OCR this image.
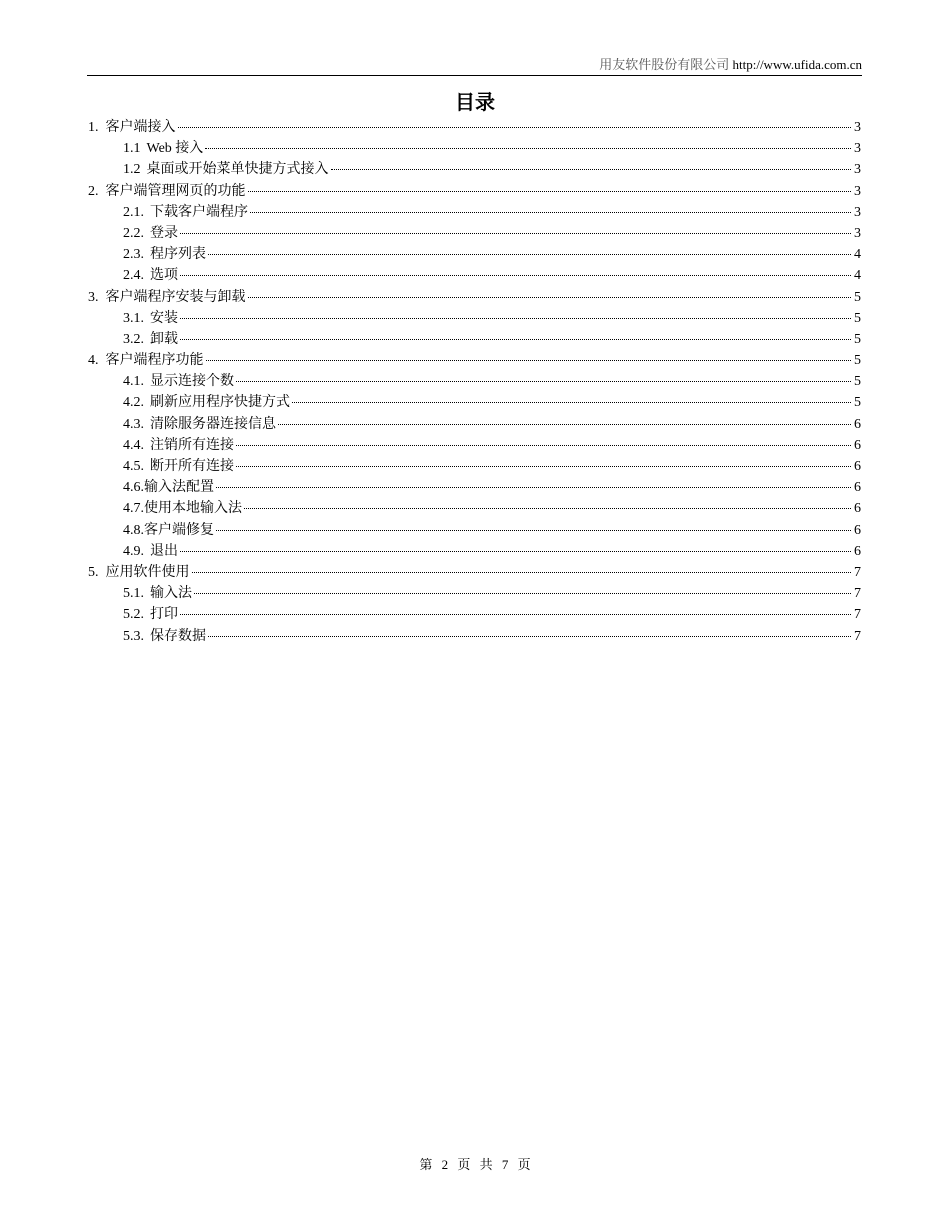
用友软件股份有限公司 http://www.ufida.com.cn
目录
1. 客户端接入	3
1.1 Web 接入	3
1.2 桌面或开始菜单快捷方式接入	3
2. 客户端管理网页的功能	3
2.1. 下载客户端程序	3
2.2. 登录	3
2.3. 程序列表	4
2.4. 选项	4
3. 客户端程序安装与卸载	5
3.1. 安装	5
3.2. 卸载	5
4. 客户端程序功能	5
4.1. 显示连接个数	5
4.2. 刷新应用程序快捷方式	5
4.3. 清除服务器连接信息	6
4.4. 注销所有连接	6
4.5. 断开所有连接	6
4.6. 输入法配置	6
4.7. 使用本地输入法	6
4.8. 客户端修复	6
4.9. 退出	6
5. 应用软件使用	7
5.1. 输入法	7
5.2. 打印	7
5.3. 保存数据	7
第 2 页 共 7 页
